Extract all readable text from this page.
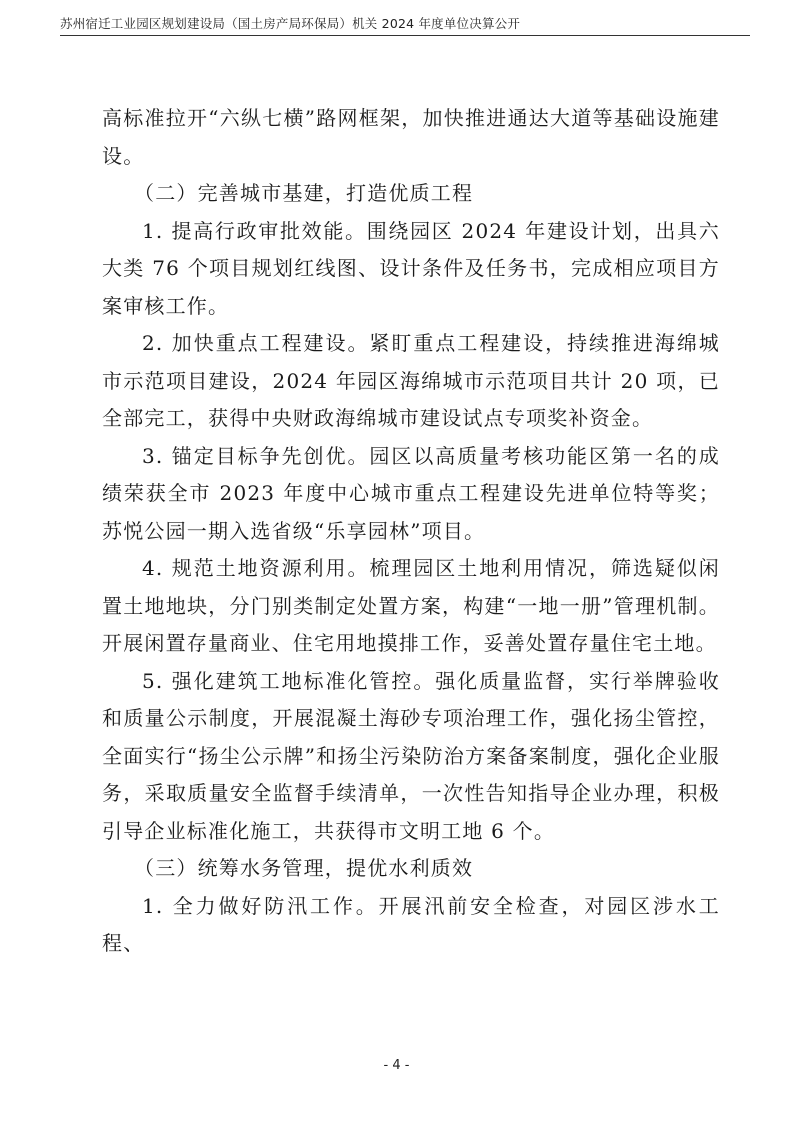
苏州宿迁工业园区规划建设局（国土房产局环保局）机关 2024 年度单位决算公开

高标准拉开“六纵七横”路网框架，加快推进通达大道等基础设施建设。

（二）完善城市基建，打造优质工程

1. 提高行政审批效能。围绕园区 2024 年建设计划，出具六大类 76 个项目规划红线图、设计条件及任务书，完成相应项目方案审核工作。

2. 加快重点工程建设。紧盯重点工程建设，持续推进海绵城市示范项目建设，2024 年园区海绵城市示范项目共计 20 项，已全部完工，获得中央财政海绵城市建设试点专项奖补资金。

3. 锚定目标争先创优。园区以高质量考核功能区第一名的成绩荣获全市 2023 年度中心城市重点工程建设先进单位特等奖；苏悦公园一期入选省级“乐享园林”项目。

4. 规范土地资源利用。梳理园区土地利用情况，筛选疑似闲置土地地块，分门别类制定处置方案，构建“一地一册”管理机制。开展闲置存量商业、住宅用地摸排工作，妥善处置存量住宅土地。

5. 强化建筑工地标准化管控。强化质量监督，实行举牌验收和质量公示制度，开展混凝土海砂专项治理工作，强化扬尘管控，全面实行“扬尘公示牌”和扬尘污染防治方案备案制度，强化企业服务，采取质量安全监督手续清单，一次性告知指导企业办理，积极引导企业标准化施工，共获得市文明工地 6 个。

（三）统筹水务管理，提优水利质效

1. 全力做好防汛工作。开展汛前安全检查，对园区涉水工程、

- 4 -
